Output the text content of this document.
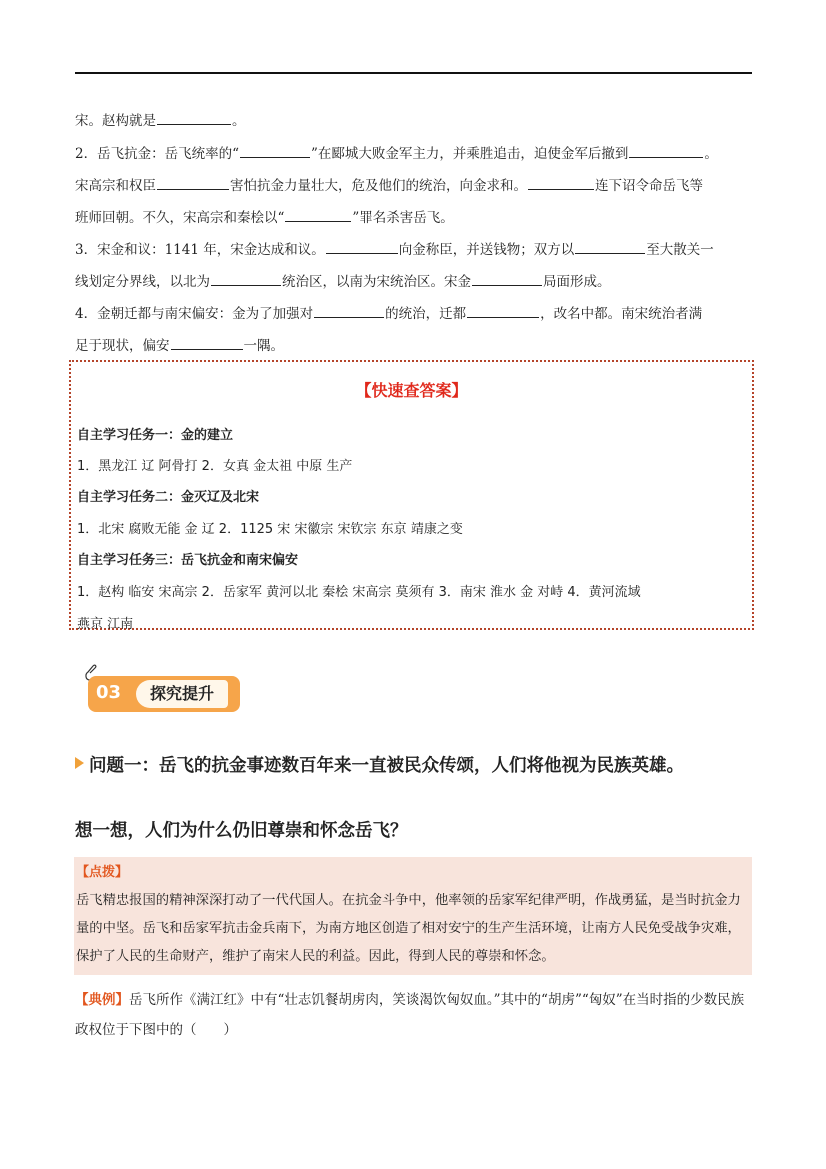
宋。赵构就是	。
2．岳飞抗金：岳飞统率的“	”在郾城大败金军主力，并乘胜追击，迫使金军后撤到	。
宋高宗和权臣	害怕抗金力量壮大，危及他们的统治，向金求和。	连下诏令命岳飞等
班师回朝。不久，宋高宗和秦桧以“	”罪名杀害岳飞。
3．宋金和议：1141 年，宋金达成和议。	向金称臣，并送钱物；双方以	至大散关一
线划定分界线，以北为	统治区，以南为宋统治区。宋金	局面形成。
4．金朝迁都与南宋偏安：金为了加强对	的统治，迁都	，改名中都。南宋统治者满
足于现状，偏安	一隅。
【快速查答案】
自主学习任务一：金的建立
1．黑龙江 辽 阿骨打 2．女真 金太祖 中原 生产
自主学习任务二：金灭辽及北宋
1．北宋 腐败无能 金 辽 2．1125 宋 宋徽宗 宋钦宗 东京 靖康之变
自主学习任务三：岳飞抗金和南宋偏安
1．赵构 临安 宋高宗 2．岳家军 黄河以北 秦桧 宋高宗 莫须有 3．南宋 淮水 金 对峙 4．黄河流域
燕京 江南
03	探究提升
问题一：岳飞的抗金事迹数百年来一直被民众传颂，人们将他视为民族英雄。
想一想，人们为什么仍旧尊崇和怀念岳飞？
【点拨】
岳飞精忠报国的精神深深打动了一代代国人。在抗金斗争中，他率领的岳家军纪律严明，作战勇猛，是当时抗金力量的中坚。岳飞和岳家军抗击金兵南下，为南方地区创造了相对安宁的生产生活环境，让南方人民免受战争灾难，保护了人民的生命财产，维护了南宋人民的利益。因此，得到人民的尊崇和怀念。
【典例】岳飞所作《满江红》中有“壮志饥餐胡虏肉，笑谈渴饮匈奴血。”其中的“胡虏”“匈奴”在当时指的少数民族政权位于下图中的（　　）
